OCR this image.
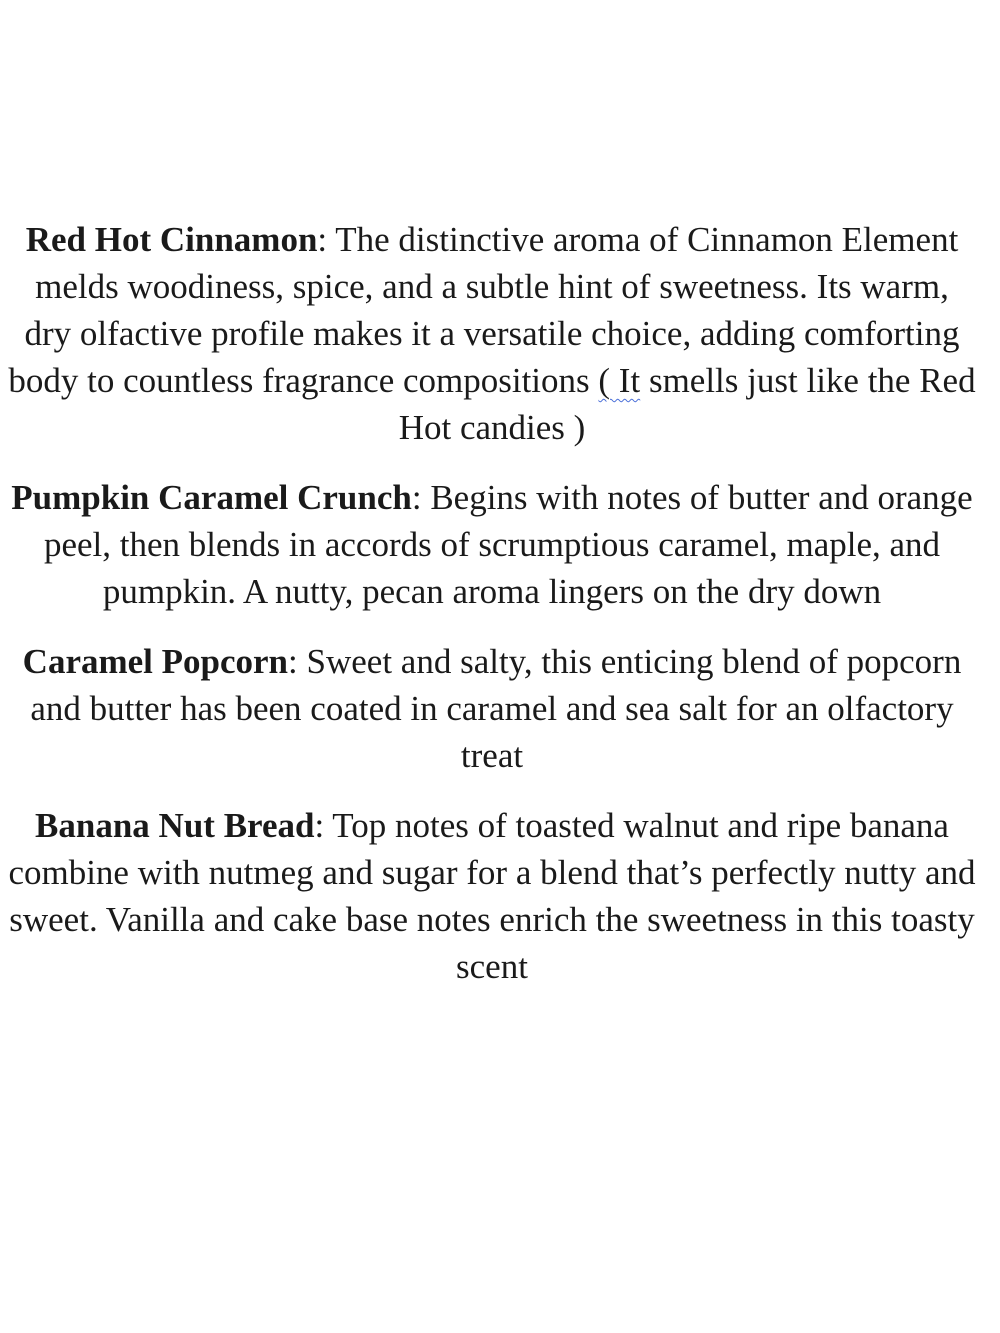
Red Hot Cinnamon: The distinctive aroma of Cinnamon Element melds woodiness, spice, and a subtle hint of sweetness. Its warm, dry olfactive profile makes it a versatile choice, adding comforting body to countless fragrance compositions ( It smells just like the Red Hot candies )

Pumpkin Caramel Crunch: Begins with notes of butter and orange peel, then blends in accords of scrumptious caramel, maple, and pumpkin. A nutty, pecan aroma lingers on the dry down

Caramel Popcorn: Sweet and salty, this enticing blend of popcorn and butter has been coated in caramel and sea salt for an olfactory treat

Banana Nut Bread: Top notes of toasted walnut and ripe banana combine with nutmeg and sugar for a blend that’s perfectly nutty and sweet. Vanilla and cake base notes enrich the sweetness in this toasty scent
